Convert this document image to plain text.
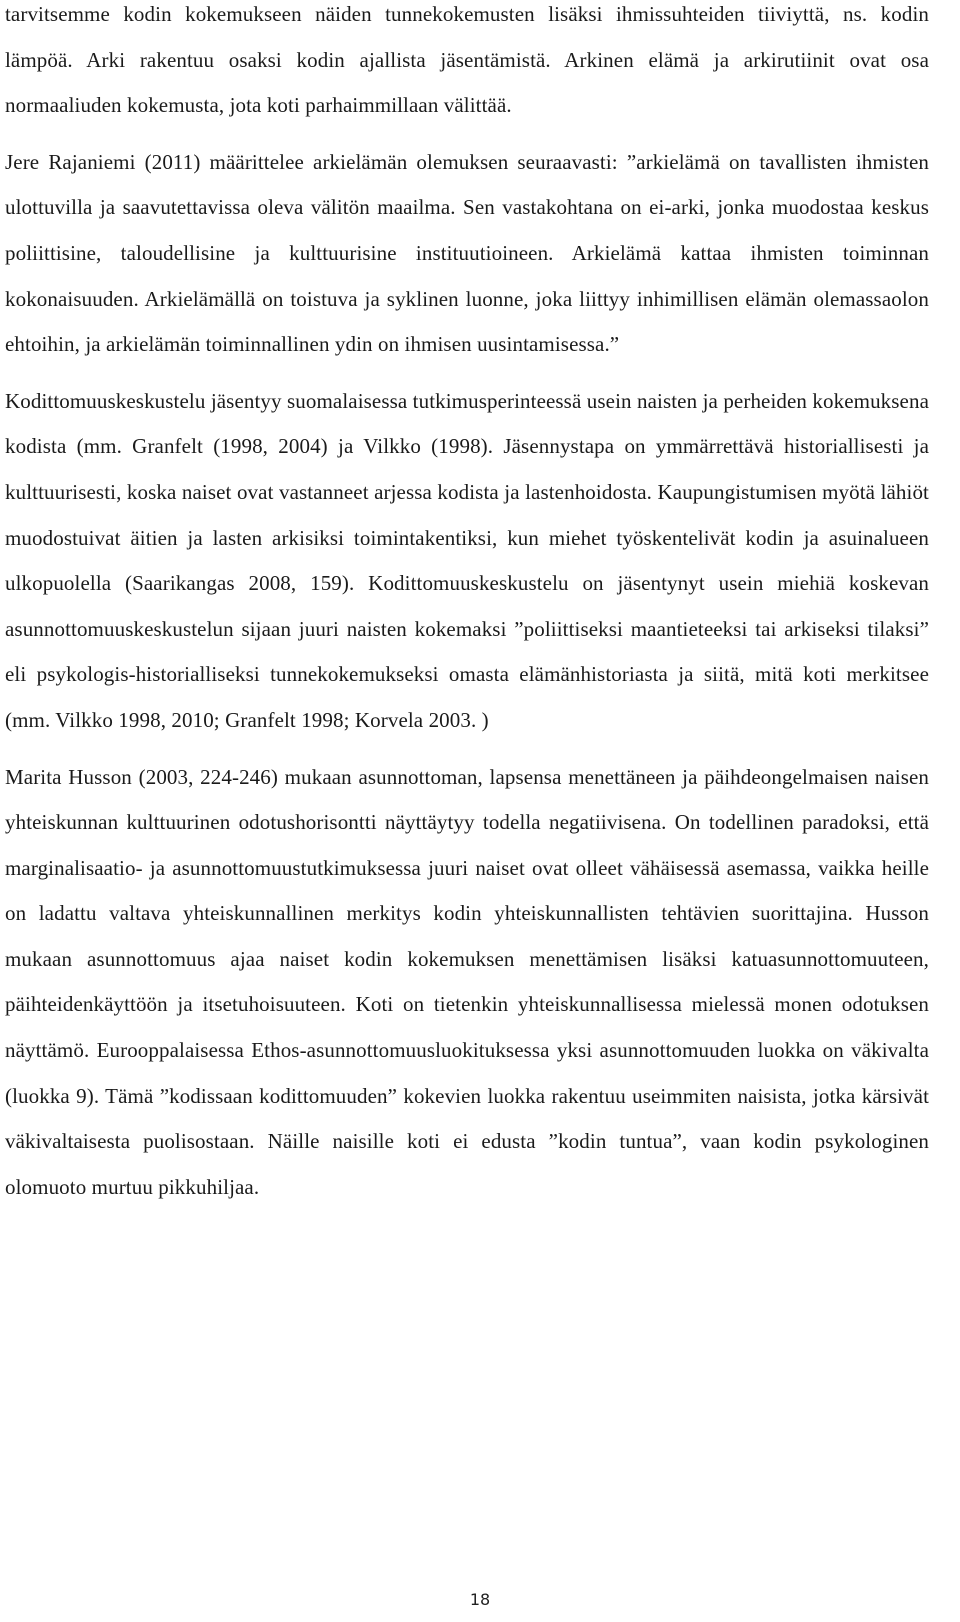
tarvitsemme kodin kokemukseen näiden tunnekokemusten lisäksi ihmissuhteiden tiiviyttä, ns. kodin lämpöä. Arki rakentuu osaksi kodin ajallista jäsentämistä. Arkinen elämä ja arkirutiinit ovat osa normaaliuden kokemusta, jota koti parhaimmillaan välittää.

Jere Rajaniemi (2011) määrittelee arkielämän olemuksen seuraavasti: ”arkielämä on tavallisten ihmisten ulottuvilla ja saavutettavissa oleva välitön maailma. Sen vastakohtana on ei-arki, jonka muodostaa keskus poliittisine, taloudellisine ja kulttuurisine instituutioineen. Arkielämä kattaa ihmisten toiminnan kokonaisuuden. Arkielämällä on toistuva ja syklinen luonne, joka liittyy inhimillisen elämän olemassaolon ehtoihin, ja arkielämän toiminnallinen ydin on ihmisen uusintamisessa.”

Kodittomuuskeskustelu jäsentyy suomalaisessa tutkimusperinteessä usein naisten ja perheiden kokemuksena kodista (mm. Granfelt (1998, 2004) ja Vilkko (1998). Jäsennystapa on ymmärrettävä historiallisesti ja kulttuurisesti, koska naiset ovat vastanneet arjessa kodista ja lastenhoidosta. Kaupungistumisen myötä lähiöt muodostuivat äitien ja lasten arkisiksi toimintakentiksi, kun miehet työskentelivät kodin ja asuinalueen ulkopuolella (Saarikangas 2008, 159). Kodittomuuskeskustelu on jäsentynyt usein miehiä koskevan asunnottomuuskeskustelun sijaan juuri naisten kokemaksi ”poliittiseksi maantieteeksi tai arkiseksi tilaksi” eli psykologis-historialliseksi tunnekokemukseksi omasta elämänhistoriasta ja siitä, mitä koti merkitsee (mm. Vilkko 1998, 2010; Granfelt 1998; Korvela 2003. )

Marita Husson (2003, 224-246) mukaan asunnottoman, lapsensa menettäneen ja päihdeongelmaisen naisen yhteiskunnan kulttuurinen odotushorisontti näyttäytyy todella negatiivisena. On todellinen paradoksi, että marginalisaatio- ja asunnottomuustutkimuksessa juuri naiset ovat olleet vähäisessä asemassa, vaikka heille on ladattu valtava yhteiskunnallinen merkitys kodin yhteiskunnallisten tehtävien suorittajina. Husson mukaan asunnottomuus ajaa naiset kodin kokemuksen menettämisen lisäksi katuasunnottomuuteen, päihteidenkäyttöön ja itsetuhoisuuteen. Koti on tietenkin yhteiskunnallisessa mielessä monen odotuksen näyttämö. Eurooppalaisessa Ethos-asunnottomuusluokituksessa yksi asunnottomuuden luokka on väkivalta (luokka 9). Tämä ”kodissaan kodittomuuden” kokevien luokka rakentuu useimmiten naisista, jotka kärsivät väkivaltaisesta puolisostaan. Näille naisille koti ei edusta ”kodin tuntua”, vaan kodin psykologinen olomuoto murtuu pikkuhiljaa.

18
